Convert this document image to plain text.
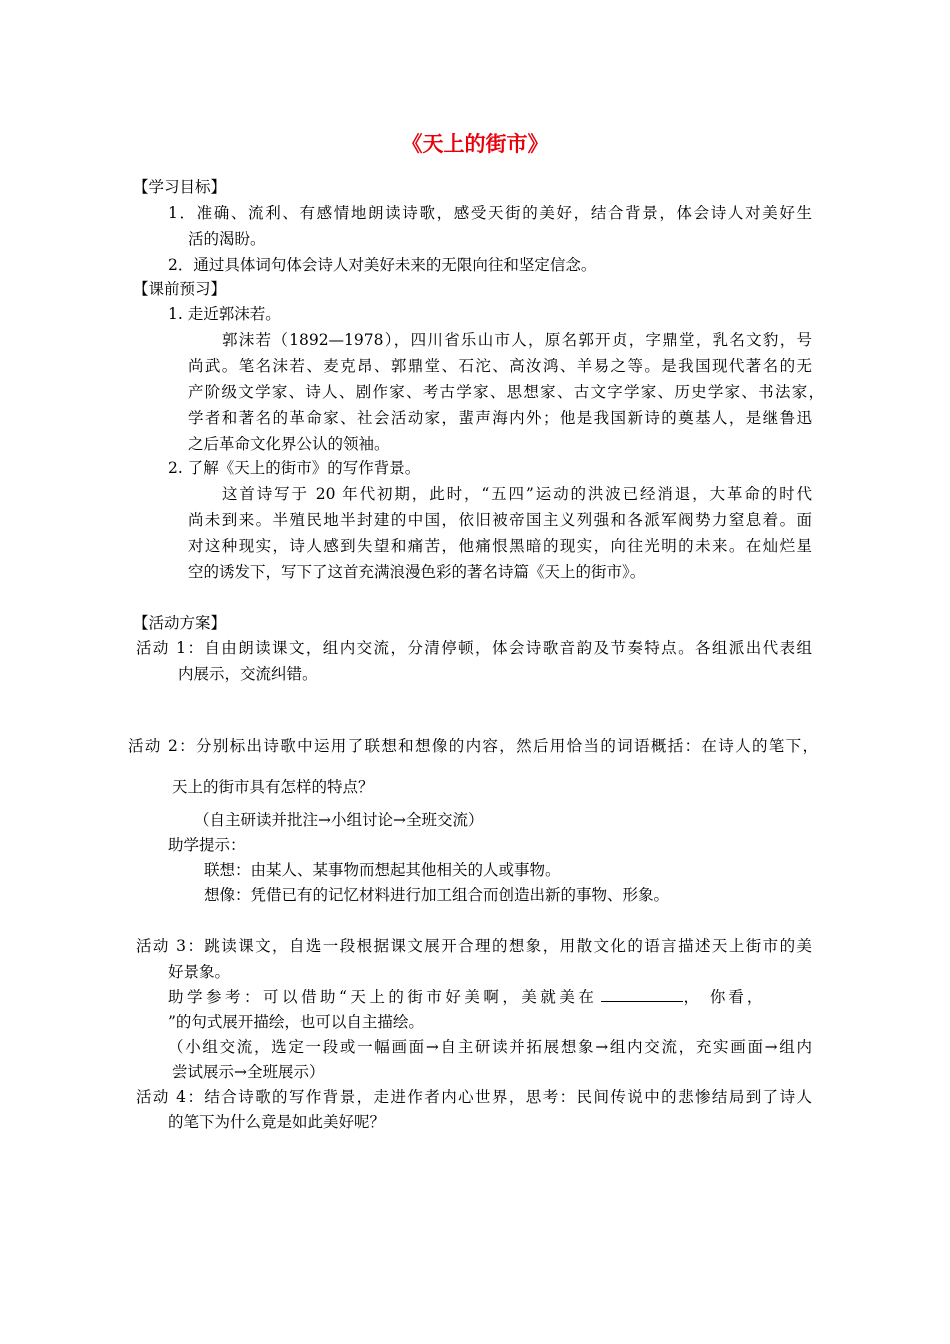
《天上的街市》
【学习目标】
1．准确、流利、有感情地朗读诗歌，感受天街的美好，结合背景，体会诗人对美好生
活的渴盼。
2．通过具体词句体会诗人对美好未来的无限向往和坚定信念。
【课前预习】
1. 走近郭沫若。
郭沫若（1892—1978），四川省乐山市人，原名郭开贞，字鼎堂，乳名文豹，号
尚武。笔名沫若、麦克昂、郭鼎堂、石沱、高汝鸿、羊易之等。是我国现代著名的无
产阶级文学家、诗人、剧作家、考古学家、思想家、古文字学家、历史学家、书法家，
学者和著名的革命家、社会活动家，蜚声海内外；他是我国新诗的奠基人，是继鲁迅
之后革命文化界公认的领袖。
2. 了解《天上的街市》的写作背景。
这首诗写于 20 年代初期，此时，“五四”运动的洪波已经消退，大革命的时代
尚未到来。半殖民地半封建的中国，依旧被帝国主义列强和各派军阀势力窒息着。面
对这种现实，诗人感到失望和痛苦，他痛恨黑暗的现实，向往光明的未来。在灿烂星
空的诱发下，写下了这首充满浪漫色彩的著名诗篇《天上的街市》。
【活动方案】
活动 1：自由朗读课文，组内交流，分清停顿，体会诗歌音韵及节奏特点。各组派出代表组
内展示，交流纠错。
活动 2：分别标出诗歌中运用了联想和想像的内容，然后用恰当的词语概括：在诗人的笔下，
天上的街市具有怎样的特点？
（自主研读并批注→小组讨论→全班交流）
助学提示：
联想：由某人、某事物而想起其他相关的人或事物。
想像：凭借已有的记忆材料进行加工组合而创造出新的事物、形象。
活动 3：跳读课文，自选一段根据课文展开合理的想象，用散文化的语言描述天上街市的美
好景象。
助学参考：可以借助“天上的街市好美啊，美就美在	， 你看，
”的句式展开描绘，也可以自主描绘。
（小组交流，选定一段或一幅画面→自主研读并拓展想象→组内交流，充实画面→组内
尝试展示→全班展示）
活动 4：结合诗歌的写作背景，走进作者内心世界，思考：民间传说中的悲惨结局到了诗人
的笔下为什么竟是如此美好呢？
